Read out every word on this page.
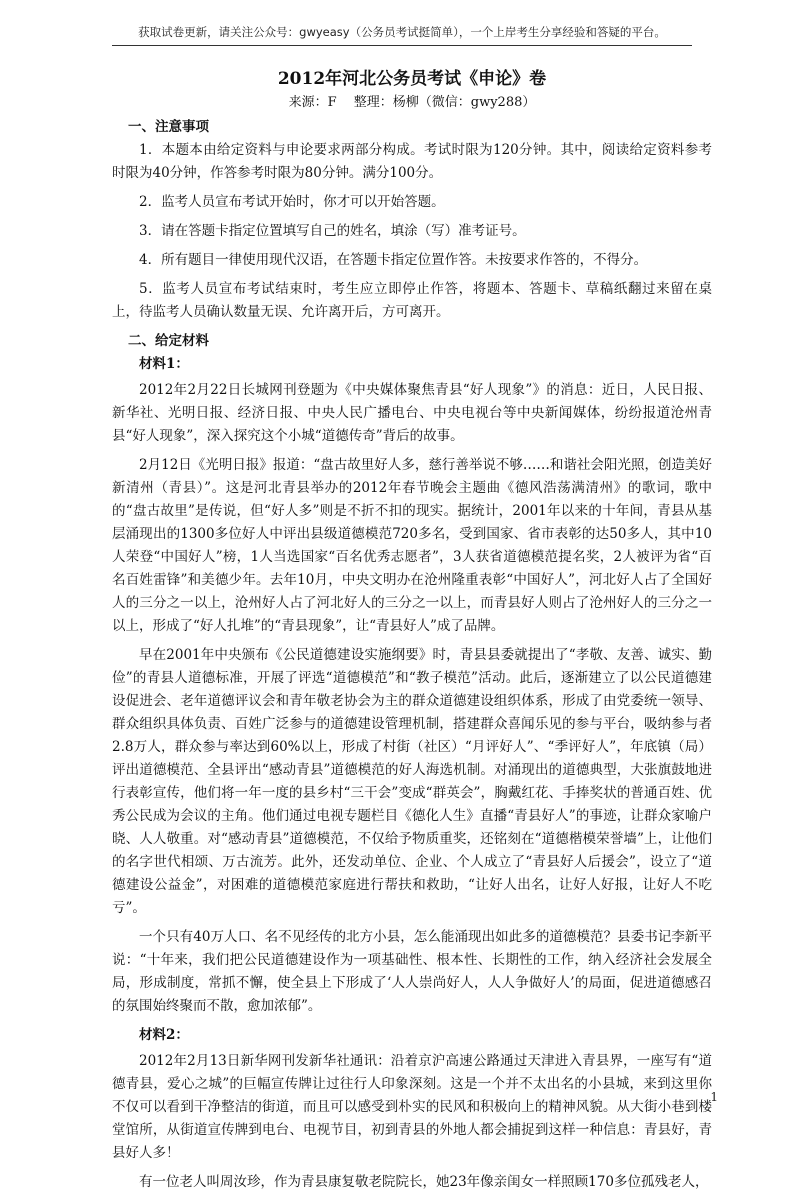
获取试卷更新，请关注公众号：gwyeasy（公务员考试挺简单），一个上岸考生分享经验和答疑的平台。

2012年河北公务员考试《申论》卷

来源：F　 整理：杨柳（微信：gwy288）

一、注意事项

1．本题本由给定资料与申论要求两部分构成。考试时限为120分钟。其中，阅读给定资料参考时限为40分钟，作答参考时限为80分钟。满分100分。

2．监考人员宣布考试开始时，你才可以开始答题。

3．请在答题卡指定位置填写自己的姓名，填涂（写）准考证号。

4．所有题目一律使用现代汉语，在答题卡指定位置作答。未按要求作答的，不得分。

5．监考人员宣布考试结束时，考生应立即停止作答，将题本、答题卡、草稿纸翻过来留在桌上，待监考人员确认数量无误、允许离开后，方可离开。

二、给定材料

材料1：

2012年2月22日长城网刊登题为《中央媒体聚焦青县“好人现象”》的消息：近日，人民日报、新华社、光明日报、经济日报、中央人民广播电台、中央电视台等中央新闻媒体，纷纷报道沧州青县“好人现象”，深入探究这个小城“道德传奇”背后的故事。

2月12日《光明日报》报道：“盘古故里好人多，慈行善举说不够……和谐社会阳光照，创造美好新清州（青县）”。这是河北青县举办的2012年春节晚会主题曲《德风浩荡满清州》的歌词，歌中的“盘古故里”是传说，但“好人多”则是不折不扣的现实。据统计，2001年以来的十年间，青县从基层涌现出的1300多位好人中评出县级道德模范720多名，受到国家、省市表彰的达50多人，其中10人荣登“中国好人”榜，1人当选国家“百名优秀志愿者”，3人获省道德模范提名奖，2人被评为省“百名百姓雷锋”和美德少年。去年10月，中央文明办在沧州隆重表彰“中国好人”，河北好人占了全国好人的三分之一以上，沧州好人占了河北好人的三分之一以上，而青县好人则占了沧州好人的三分之一以上，形成了“好人扎堆”的“青县现象”，让“青县好人”成了品牌。

早在2001年中央颁布《公民道德建设实施纲要》时，青县县委就提出了“孝敬、友善、诚实、勤俭”的青县人道德标准，开展了评选“道德模范”和“教子模范”活动。此后，逐渐建立了以公民道德建设促进会、老年道德评议会和青年敬老协会为主的群众道德建设组织体系，形成了由党委统一领导、群众组织具体负责、百姓广泛参与的道德建设管理机制，搭建群众喜闻乐见的参与平台，吸纳参与者2.8万人，群众参与率达到60%以上，形成了村街（社区）“月评好人”、“季评好人”，年底镇（局）评出道德模范、全县评出“感动青县”道德模范的好人海选机制。对涌现出的道德典型，大张旗鼓地进行表彰宣传，他们将一年一度的县乡村“三干会”变成“群英会”，胸戴红花、手捧奖状的普通百姓、优秀公民成为会议的主角。他们通过电视专题栏目《德化人生》直播“青县好人”的事迹，让群众家喻户晓、人人敬重。对“感动青县”道德模范，不仅给予物质重奖，还铭刻在“道德楷模荣誉墙”上，让他们的名字世代相颂、万古流芳。此外，还发动单位、企业、个人成立了“青县好人后援会”，设立了“道德建设公益金”，对困难的道德模范家庭进行帮扶和救助，“让好人出名，让好人好报，让好人不吃亏”。

一个只有40万人口、名不见经传的北方小县，怎么能涌现出如此多的道德模范？县委书记李新平说：“十年来，我们把公民道德建设作为一项基础性、根本性、长期性的工作，纳入经济社会发展全局，形成制度，常抓不懈，使全县上下形成了‘人人崇尚好人，人人争做好人’的局面，促进道德感召的氛围始终聚而不散，愈加浓郁”。

材料2：

2012年2月13日新华网刊发新华社通讯：沿着京沪高速公路通过天津进入青县界，一座写有“道德青县，爱心之城”的巨幅宣传牌让过往行人印象深刻。这是一个并不太出名的小县城，来到这里你不仅可以看到干净整洁的街道，而且可以感受到朴实的民风和积极向上的精神风貌。从大街小巷到楼堂馆所，从街道宣传牌到电台、电视节目，初到青县的外地人都会捕捉到这样一种信息：青县好，青县好人多！

有一位老人叫周汝珍，作为青县康复敬老院院长，她23年像亲闺女一样照顾170多位孤残老人，

1
